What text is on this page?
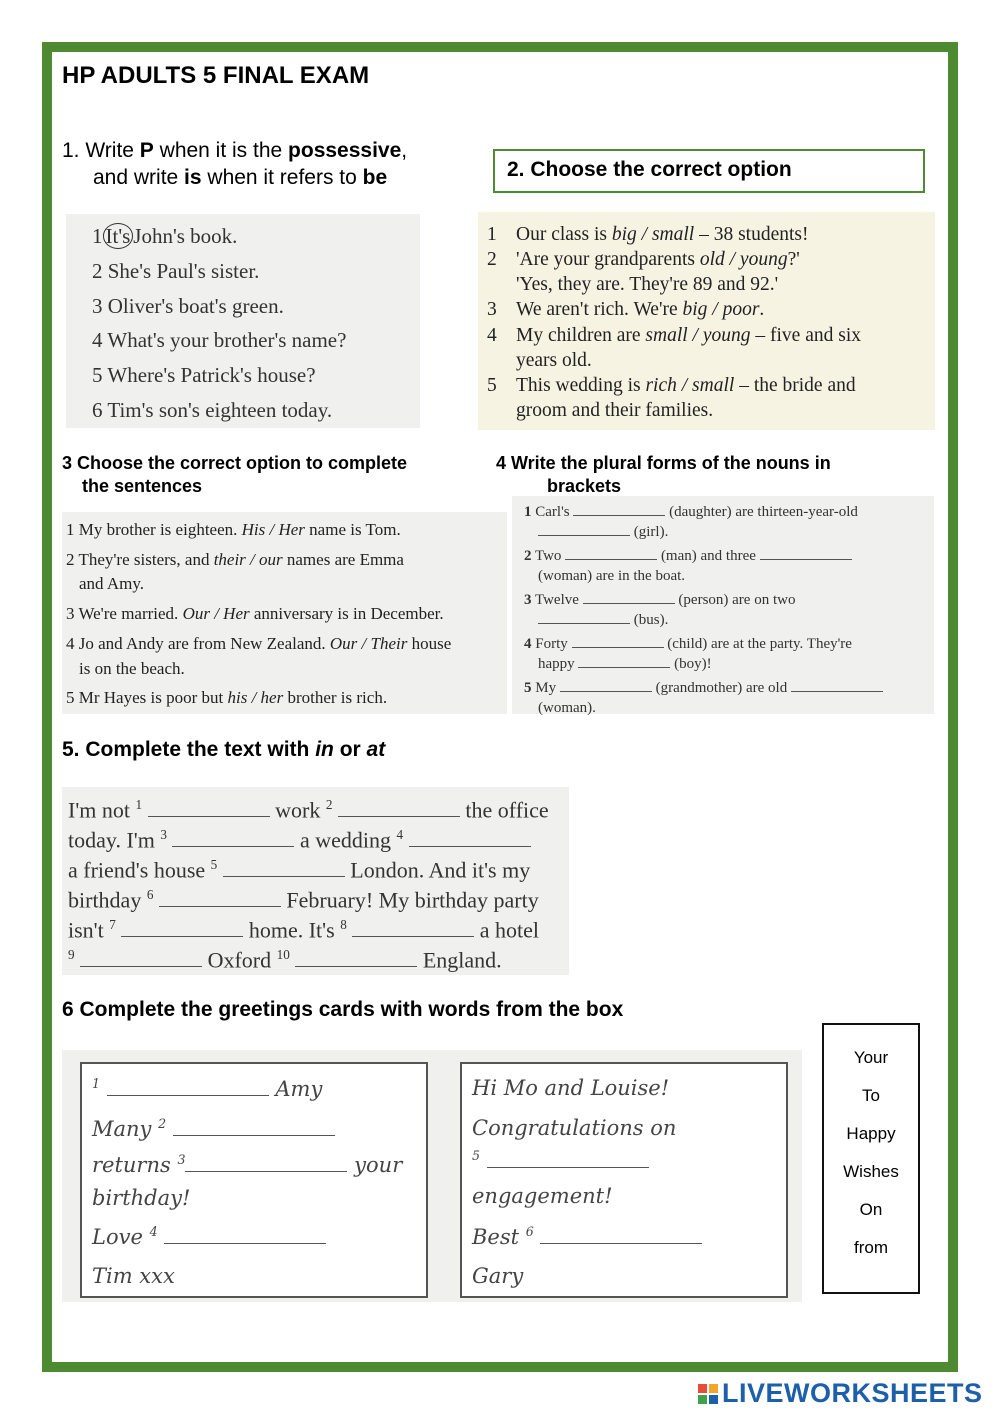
HP ADULTS 5 FINAL EXAM
1. Write P when it is the possessive,
and write is when it refers to be	2. Choose the correct option
1 It's John's book.
2 She's Paul's sister.
3 Oliver's boat's green.
4 What's your brother's name?
5 Where's Patrick's house?
6 Tim's son's eighteen today.
1
2
3
4
5
Our class is big / small – 38 students!
'Are your grandparents old / young?'
'Yes, they are. They're 89 and 92.'
We aren't rich. We're big / poor.
My children are small / young – five and six
years old.
This wedding is rich / small – the bride and
groom and their families.
3 Choose the correct option to complete
the sentences
4 Write the plural forms of the nouns in
brackets
1 My brother is eighteen. His / Her name is Tom.
2 They're sisters, and their / our names are Emma
and Amy.
3 We're married. Our / Her anniversary is in December.
4 Jo and Andy are from New Zealand. Our / Their house
is on the beach.
5 Mr Hayes is poor but his / her brother is rich.
1 Carl's	(daughter) are thirteen-year-old
(girl).
2 Two	(man) and three
(woman) are in the boat.
3 Twelve	(person) are on two
(bus).
4 Forty	(child) are at the party. They're
happy	(boy)!
5 My	(grandmother) are old
(woman).
5. Complete the text with in or at
I'm not $^1$	work $^2$	the office
today. I'm $^3$	a wedding $^4$
a friend's house $^5$	London. And it's my
birthday $^6$	February! My birthday party
isn't $^7$	home. It's $^8$	a hotel
$^9$	Oxford $^{10}$	England.
6 Complete the greetings cards with words from the box
$^1$	Amy
Many $^2$
returns $^3$	your
birthday!
Love $^4$
Tim xxx
Hi Mo and Louise!
Congratulations on
$^5$
engagement!
Best $^6$
Gary
Your
To
Happy
Wishes
On
from
LIVEWORKSHEETS
